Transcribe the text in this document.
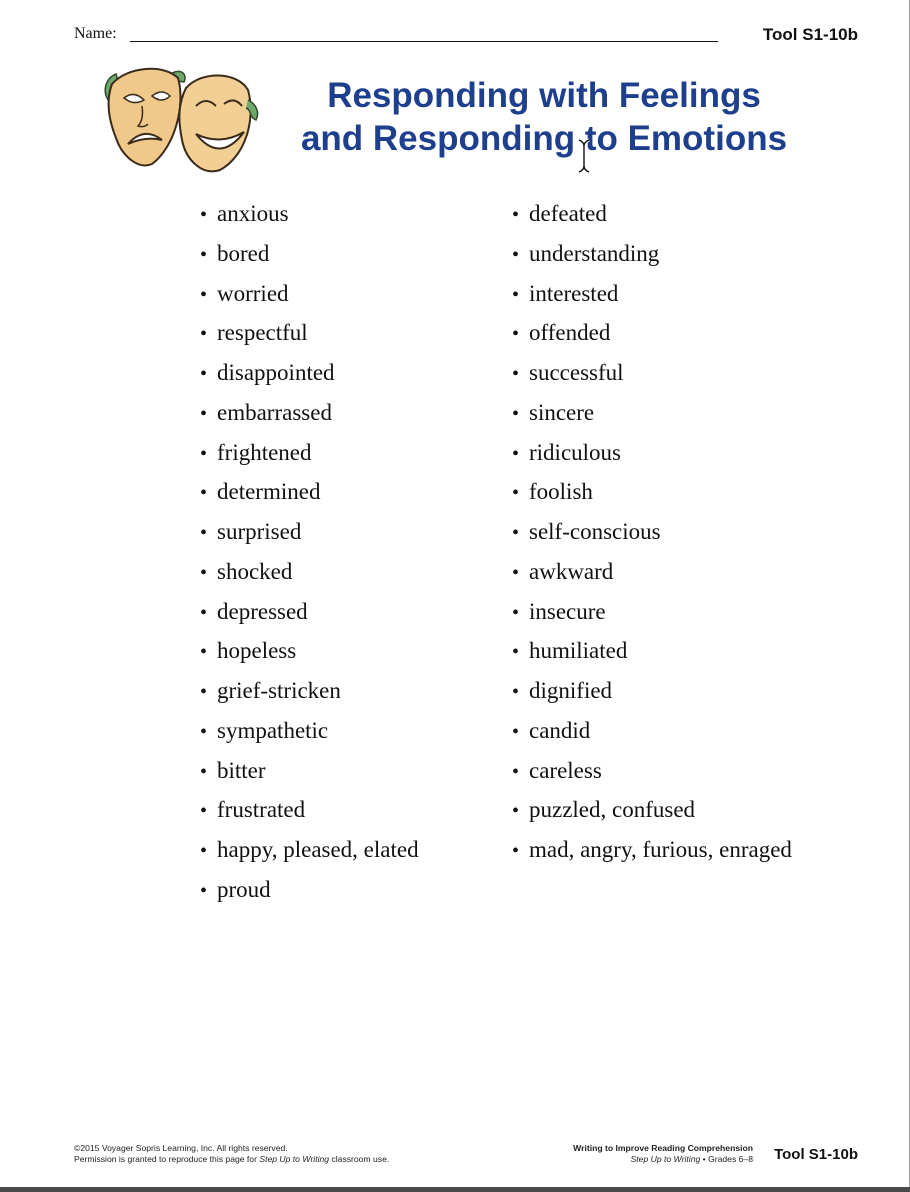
Name:	Tool S1-10b
Responding with Feelings
and Responding to Emotions
• anxious
• bored
• worried
• respectful
• disappointed
• embarrassed
• frightened
• determined
• surprised
• shocked
• depressed
• hopeless
• grief-stricken
• sympathetic
• bitter
• frustrated
• happy, pleased, elated
• proud
• defeated
• understanding
• interested
• offended
• successful
• sincere
• ridiculous
• foolish
• self-conscious
• awkward
• insecure
• humiliated
• dignified
• candid
• careless
• puzzled, confused
• mad, angry, furious, enraged
©2015 Voyager Sopris Learning, Inc. All rights reserved.
Permission is granted to reproduce this page for Step Up to Writing classroom use.
Writing to Improve Reading Comprehension
Step Up to Writing • Grades 6–8 Tool S1-10b
